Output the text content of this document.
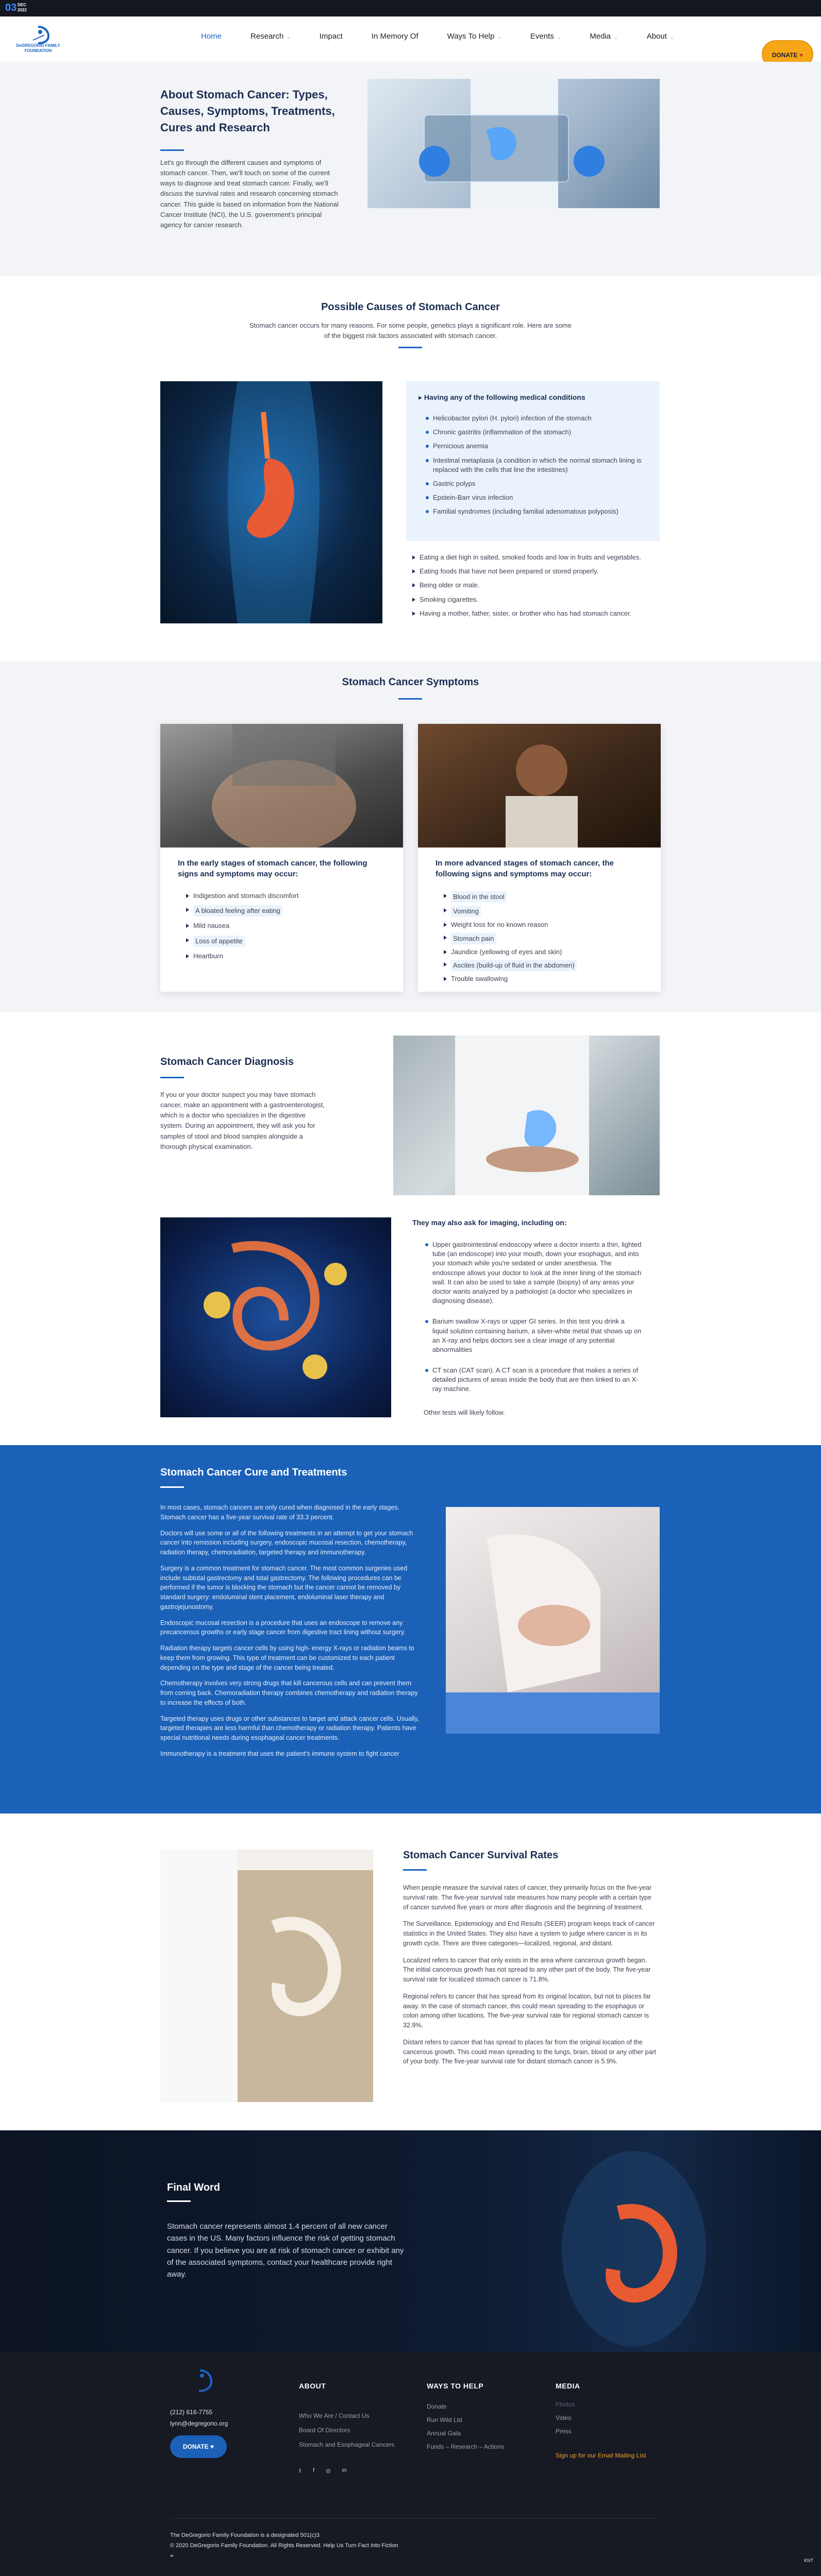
03 DEC
2022
DeGREGORIO FAMILY FOUNDATION
Home	Research ⌄	Impact	In Memory Of	Ways To Help ⌄	Events ⌄	Media ⌄	About ⌄
DONATE ♥
About Stomach Cancer: Types, Causes, Symptoms, Treatments, Cures and Research
Let's go through the different causes and symptoms of stomach cancer. Then, we'll touch on some of the current ways to diagnose and treat stomach cancer. Finally, we'll discuss the survival rates and research concerning stomach cancer. This guide is based on information from the National Cancer Institute (NCI), the U.S. government's principal agency for cancer research.
Possible Causes of Stomach Cancer
Stomach cancer occurs for many reasons. For some people, genetics plays a significant role. Here are some of the biggest risk factors associated with stomach cancer.
▸ Having any of the following medical conditions
Helicobacter pylori (H. pylori) infection of the stomach
Chronic gastritis (inflammation of the stomach)
Pernicious anemia
Intestinal metaplasia (a condition in which the normal stomach lining is replaced with the cells that line the intestines)
Gastric polyps
Epstein-Barr virus infection
Familial syndromes (including familial adenomatous polyposis)
Eating a diet high in salted, smoked foods and low in fruits and vegetables.
Eating foods that have not been prepared or stored properly.
Being older or male.
Smoking cigarettes.
Having a mother, father, sister, or brother who has had stomach cancer.
Stomach Cancer Symptoms
In the early stages of stomach cancer, the following signs and symptoms may occur:
Indigestion and stomach discomfort
A bloated feeling after eating
Mild nausea
Loss of appetite
Heartburn
In more advanced stages of stomach cancer, the following signs and symptoms may occur:
Blood in the stool
Vomiting
Weight loss for no known reason
Stomach pain
Jaundice (yellowing of eyes and skin)
Ascites (build-up of fluid in the abdomen)
Trouble swallowing
Stomach Cancer Diagnosis
If you or your doctor suspect you may have stomach cancer, make an appointment with a gastroenterologist, which is a doctor who specializes in the digestive system. During an appointment, they will ask you for samples of stool and blood samples alongside a thorough physical examination.
They may also ask for imaging, including on:
Upper gastrointestinal endoscopy where a doctor inserts a thin, lighted tube (an endoscope) into your mouth, down your esophagus, and into your stomach while you're sedated or under anesthesia. The endoscope allows your doctor to look at the inner lining of the stomach wall. It can also be used to take a sample (biopsy) of any areas your doctor wants analyzed by a pathologist (a doctor who specializes in diagnosing disease).
Barium swallow X-rays or upper GI series. In this test you drink a liquid solution containing barium, a silver-white metal that shows up on an X-ray and helps doctors see a clear image of any potential abnormalities
CT scan (CAT scan). A CT scan is a procedure that makes a series of detailed pictures of areas inside the body that are then linked to an X-ray machine.
Other tests will likely follow.
Stomach Cancer Cure and Treatments

In most cases, stomach cancers are only cured when diagnosed in the early stages. Stomach cancer has a five-year survival rate of 33.3 percent.

Doctors will use some or all of the following treatments in an attempt to get your stomach cancer into remission including surgery, endoscopic mucosal resection, chemotherapy, radiation therapy, chemoradiation, targeted therapy and immunotherapy.

Surgery is a common treatment for stomach cancer. The most common surgeries used include subtotal gastrectomy and total gastrectomy. The following procedures can be performed if the tumor is blocking the stomach but the cancer cannot be removed by standard surgery: endoluminal stent placement, endoluminal laser therapy and gastrojejunostomy.

Endoscopic mucosal resection is a procedure that uses an endoscope to remove any precancerous growths or early stage cancer from digestive tract lining without surgery.

Radiation therapy targets cancer cells by using high- energy X-rays or radiation beams to keep them from growing. This type of treatment can be customized to each patient depending on the type and stage of the cancer being treated.

Chemotherapy involves very strong drugs that kill cancerous cells and can prevent them from coming back. Chemoradiation therapy combines chemotherapy and radiation therapy to increase the effects of both.

Targeted therapy uses drugs or other substances to target and attack cancer cells. Usually, targeted therapies are less harmful than chemotherapy or radiation therapy. Patients have special nutritional needs during esophageal cancer treatments.

Immunotherapy is a treatment that uses the patient's immune system to fight cancer

Stomach Cancer Survival Rates

When people measure the survival rates of cancer, they primarily focus on the five-year survival rate. The five-year survival rate measures how many people with a certain type of cancer survived five years or more after diagnosis and the beginning of treatment.

The Surveillance, Epidemiology and End Results (SEER) program keeps track of cancer statistics in the United States. They also have a system to judge where cancer is in its growth cycle. There are three categories—localized, regional, and distant.

Localized refers to cancer that only exists in the area where cancerous growth began. The initial cancerous growth has not spread to any other part of the body. The five-year survival rate for localized stomach cancer is 71.8%.

Regional refers to cancer that has spread from its original location, but not to places far away. In the case of stomach cancer, this could mean spreading to the esophagus or colon among other locations. The five-year survival rate for regional stomach cancer is 32.9%.

Distant refers to cancer that has spread to places far from the original location of the cancerous growth. This could mean spreading to the lungs, brain, blood or any other part of your body. The five-year survival rate for distant stomach cancer is 5.9%.

Final Word
Stomach cancer represents almost 1.4 percent of all new cancer cases in the US. Many factors influence the risk of getting stomach cancer. If you believe you are at risk of stomach cancer or exhibit any of the associated symptoms, contact your healthcare provide right away.
(212) 616-7755
lynn@degregorio.org
DONATE ♥
ABOUT
Who We Are / Contact Us
Board Of Directors
Stomach and Esophageal Cancers
𝕥 f ◎ in
WAYS TO HELP
Donate
Run Wild Ltd
Annual Gala
Funds – Research – Actions
MEDIA
Photos
Video
Press
Sign up for our Email Mailing List
The DeGregorio Family Foundation is a designated 501(c)3
© 2020 DeGregorio Family Foundation. All Rights Reserved. Help Us Turn Fact Into Fiction
▰
KNT
